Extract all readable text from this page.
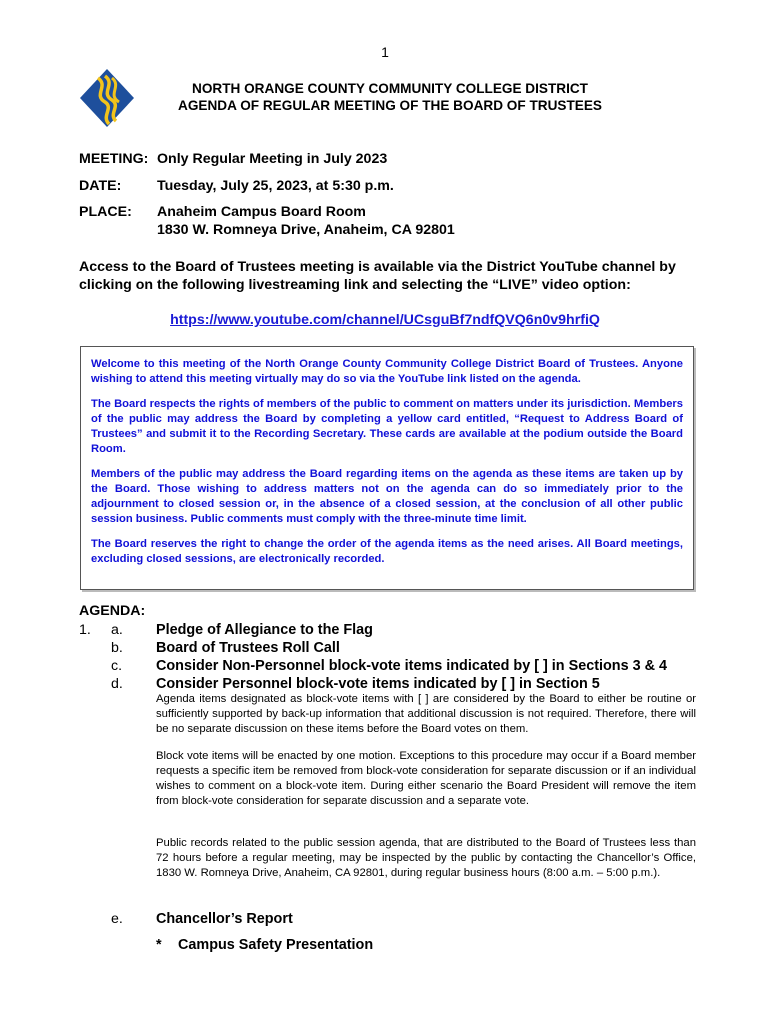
1
NORTH ORANGE COUNTY COMMUNITY COLLEGE DISTRICT
AGENDA OF REGULAR MEETING OF THE BOARD OF TRUSTEES
MEETING: Only Regular Meeting in July 2023
DATE:	Tuesday, July 25, 2023, at 5:30 p.m.
PLACE: Anaheim Campus Board Room
1830 W. Romneya Drive, Anaheim, CA 92801
Access to the Board of Trustees meeting is available via the District YouTube channel by clicking on the following livestreaming link and selecting the “LIVE” video option:
https://www.youtube.com/channel/UCsguBf7ndfQVQ6n0v9hrfiQ

Welcome to this meeting of the North Orange County Community College District Board of Trustees. Anyone wishing to attend this meeting virtually may do so via the YouTube link listed on the agenda.

The Board respects the rights of members of the public to comment on matters under its jurisdiction. Members of the public may address the Board by completing a yellow card entitled, “Request to Address Board of Trustees” and submit it to the Recording Secretary. These cards are available at the podium outside the Board Room.

Members of the public may address the Board regarding items on the agenda as these items are taken up by the Board. Those wishing to address matters not on the agenda can do so immediately prior to the adjournment to closed session or, in the absence of a closed session, at the conclusion of all other public session business. Public comments must comply with the three-minute time limit.

The Board reserves the right to change the order of the agenda items as the need arises. All Board meetings, excluding closed sessions, are electronically recorded.

AGENDA:
1. a. Pledge of Allegiance to the Flag
b. Board of Trustees Roll Call
c. Consider Non-Personnel block-vote items indicated by [ ] in Sections 3 & 4
d. Consider Personnel block-vote items indicated by [ ] in Section 5

Agenda items designated as block-vote items with [ ] are considered by the Board to either be routine or sufficiently supported by back-up information that additional discussion is not required. Therefore, there will be no separate discussion on these items before the Board votes on them.

Block vote items will be enacted by one motion. Exceptions to this procedure may occur if a Board member requests a specific item be removed from block-vote consideration for separate discussion or if an individual wishes to comment on a block-vote item. During either scenario the Board President will remove the item from block-vote consideration for separate discussion and a separate vote.

Public records related to the public session agenda, that are distributed to the Board of Trustees less than 72 hours before a regular meeting, may be inspected by the public by contacting the Chancellor’s Office, 1830 W. Romneya Drive, Anaheim, CA 92801, during regular business hours (8:00 a.m. – 5:00 p.m.).

e. Chancellor’s Report
* Campus Safety Presentation
